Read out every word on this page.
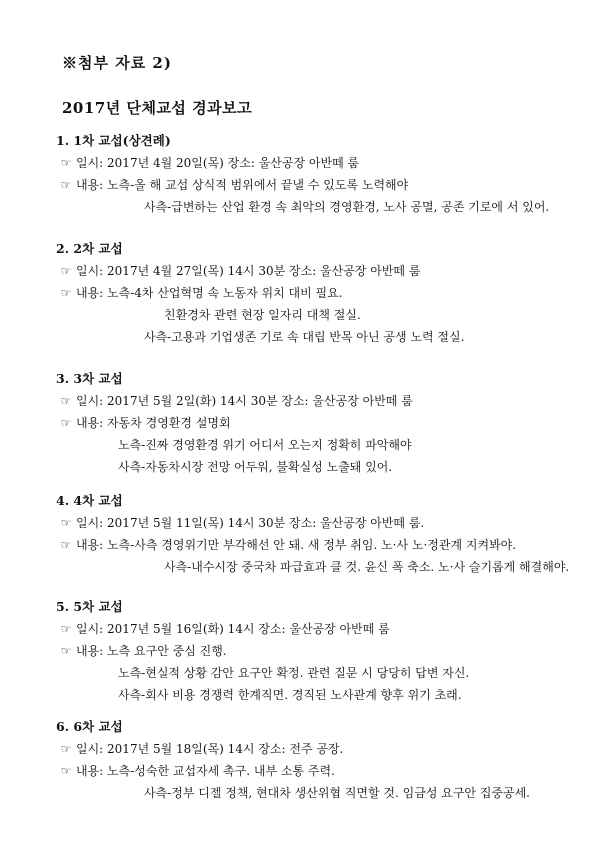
※첨부 자료 2)
2017년 단체교섭 경과보고
1. 1차 교섭(상견례)
☞ 일시: 2017년 4월 20일(목) 장소: 울산공장 아반떼 룸
☞ 내용: 노측-올 해 교섭 상식적 범위에서 끝낼 수 있도록 노력해야
사측-급변하는 산업 환경 속 최악의 경영환경, 노사 공멸, 공존 기로에 서 있어.
2. 2차 교섭
☞ 일시: 2017년 4월 27일(목) 14시 30분 장소: 울산공장 아반떼 룸
☞ 내용: 노측-4차 산업혁명 속 노동자 위치 대비 필요.
친환경차 관련 현장 일자리 대책 절실.
사측-고용과 기업생존 기로 속 대립 반목 아닌 공생 노력 절실.
3. 3차 교섭
☞ 일시: 2017년 5월 2일(화) 14시 30분 장소: 울산공장 아반떼 룸
☞ 내용: 자동차 경영환경 설명회
노측-진짜 경영환경 위기 어디서 오는지 정확히 파악해야
사측-자동차시장 전망 어두워, 불확실성 노출돼 있어.
4. 4차 교섭
☞ 일시: 2017년 5월 11일(목) 14시 30분 장소: 울산공장 아반떼 룸.
☞ 내용: 노측-사측 경영위기만 부각해선 안 돼. 새 정부 취임. 노·사 노·정관계 지켜봐야.
사측-내수시장 중국차 파급효과 클 것. 윤신 폭 축소. 노·사 슬기롭게 해결해야.
5. 5차 교섭
☞ 일시: 2017년 5월 16일(화) 14시 장소: 울산공장 아반떼 룸
☞ 내용: 노측 요구안 중심 진행.
노측-현실적 상황 감안 요구안 확정. 관련 질문 시 당당히 답변 자신.
사측-회사 비용 경쟁력 한계직면. 경직된 노사관계 향후 위기 초래.
6. 6차 교섭
☞ 일시: 2017년 5월 18일(목) 14시 장소: 전주 공장.
☞ 내용: 노측-성숙한 교섭자세 촉구. 내부 소통 주력.
사측-정부 디젤 정책, 현대차 생산위협 직면할 것. 임금성 요구안 집중공세.
